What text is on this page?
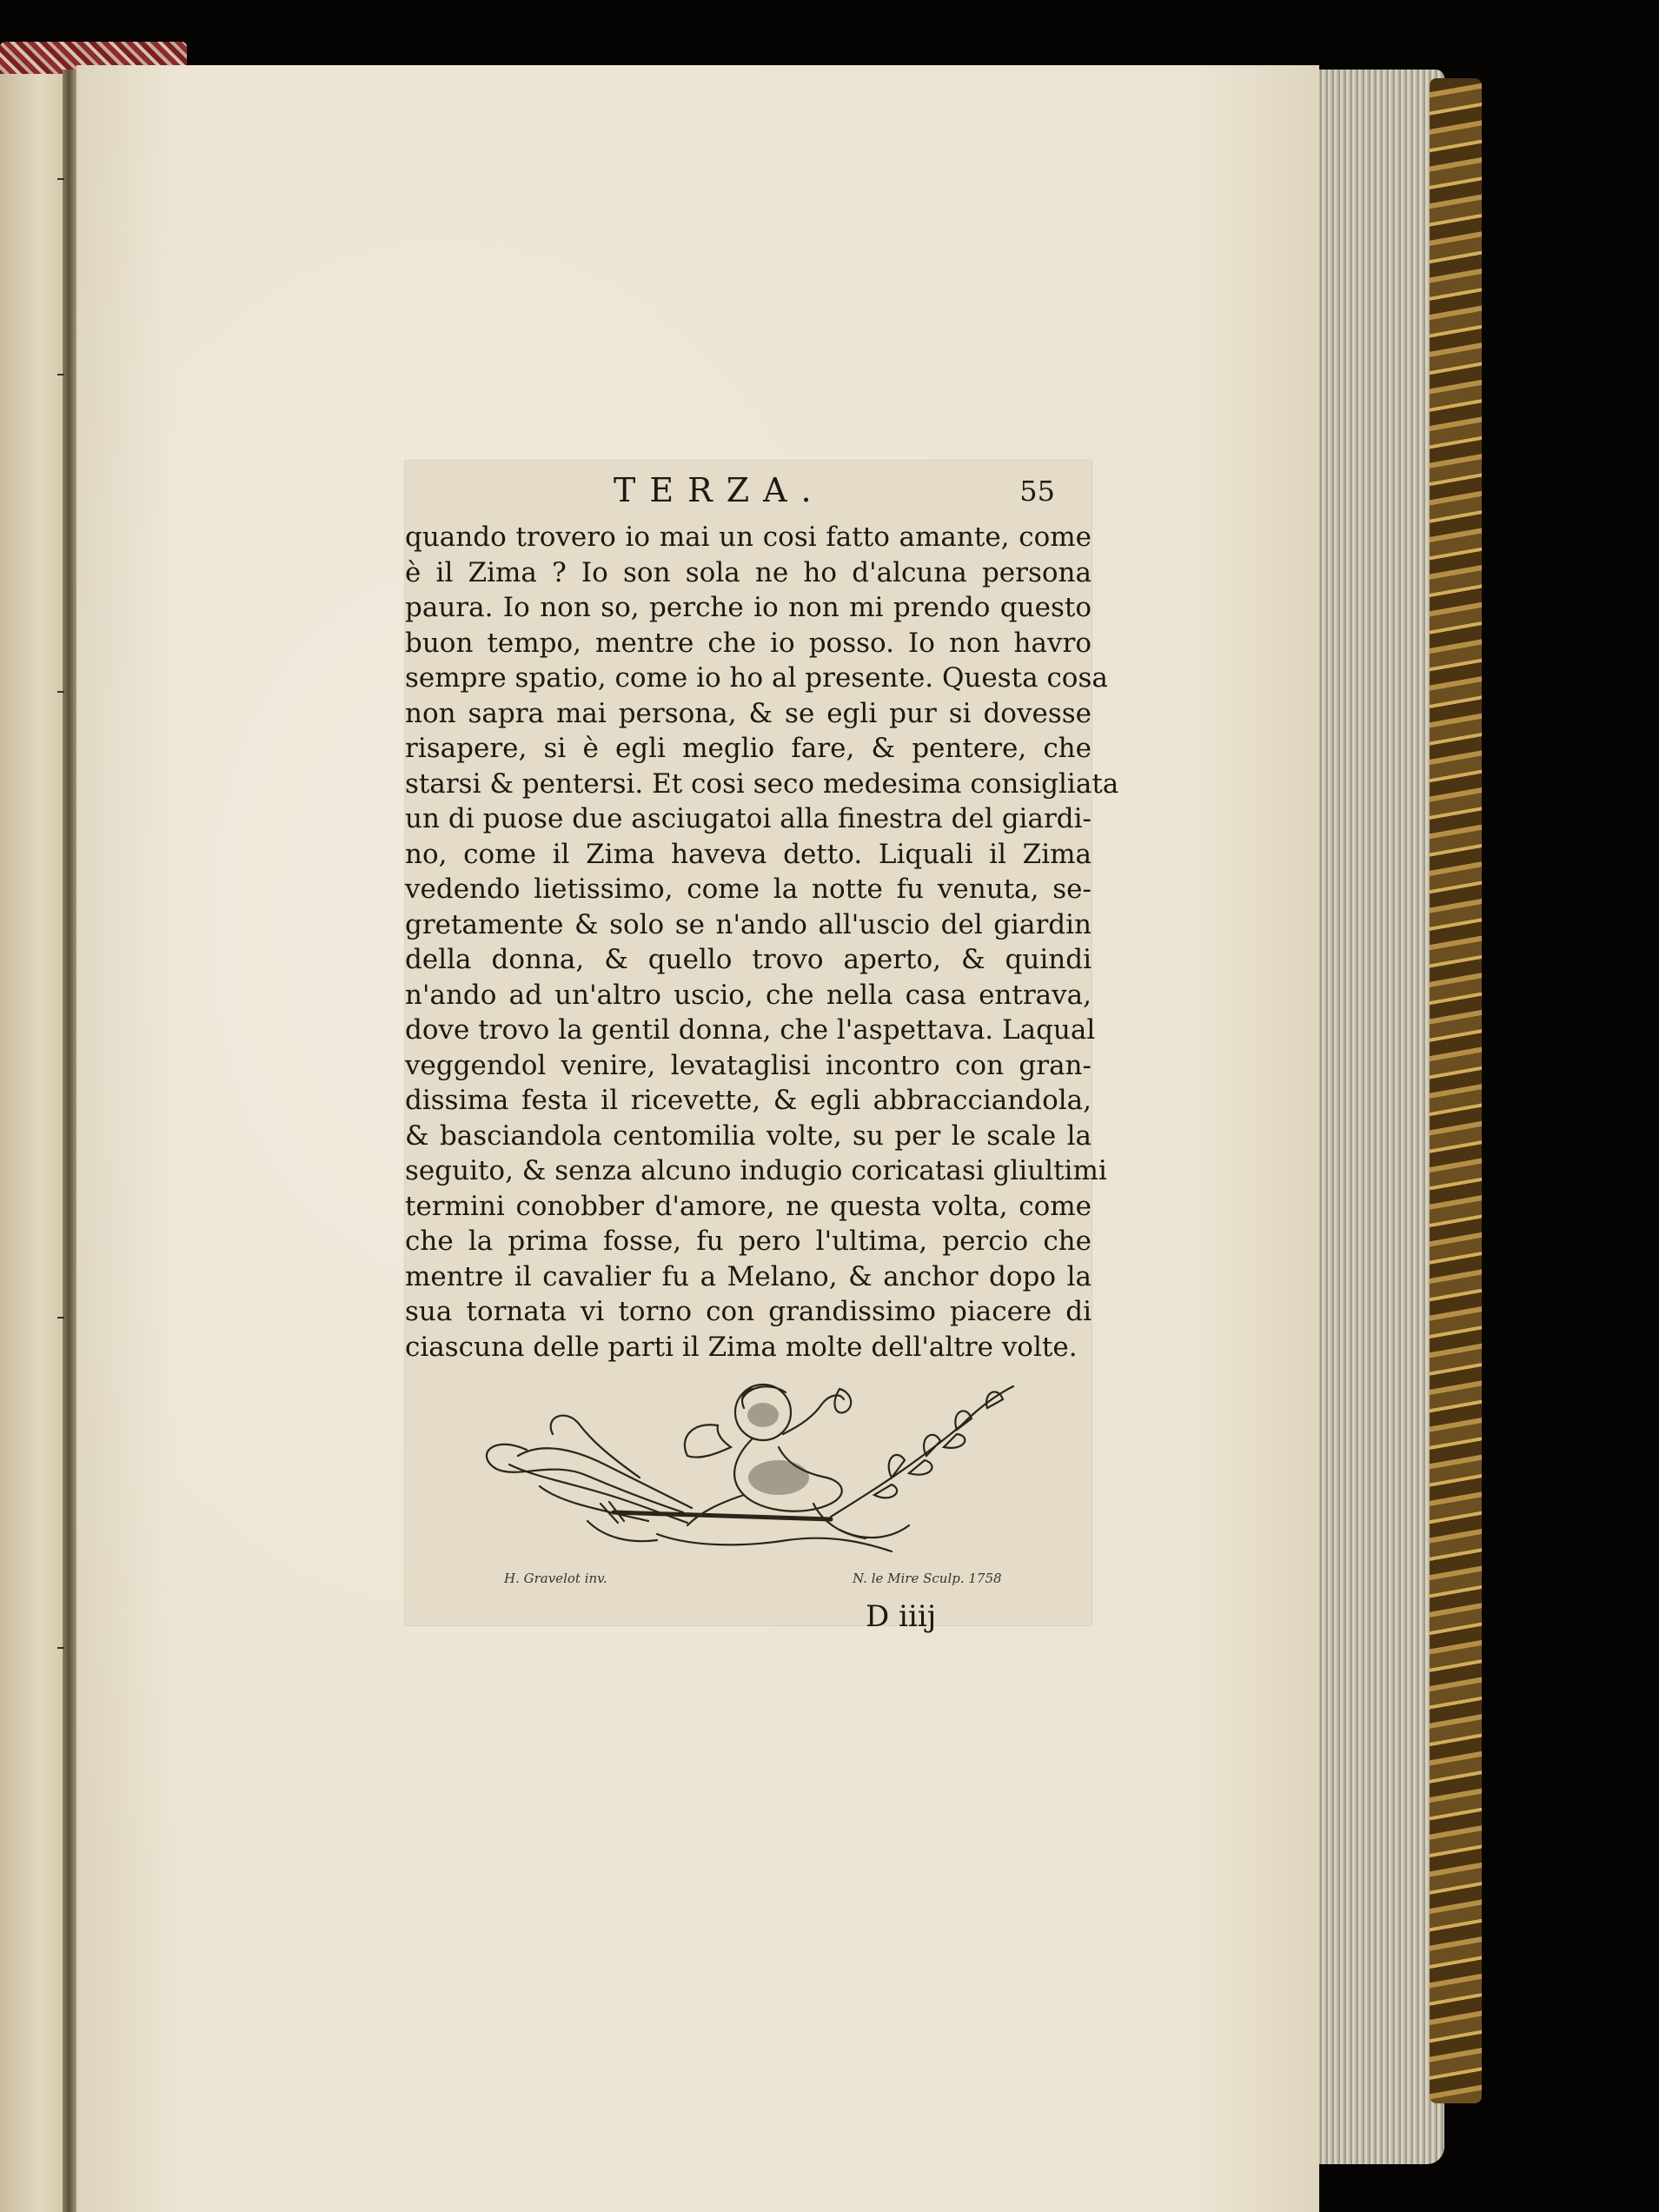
TERZA.	55
quando trovero io mai un cosi fatto amante, come
è il Zima ? Io son sola ne ho d'alcuna persona
paura. Io non so, perche io non mi prendo questo
buon tempo, mentre che io posso. Io non havro
sempre spatio, come io ho al presente. Questa cosa
non sapra mai persona, & se egli pur si dovesse
risapere, si è egli meglio fare, & pentere, che
starsi & pentersi. Et cosi seco medesima consigliata
un di puose due asciugatoi alla finestra del giardi-
no, come il Zima haveva detto. Liquali il Zima
vedendo lietissimo, come la notte fu venuta, se-
gretamente & solo se n'ando all'uscio del giardin
della donna, & quello trovo aperto, & quindi
n'ando ad un'altro uscio, che nella casa entrava,
dove trovo la gentil donna, che l'aspettava. Laqual
veggendol venire, levataglisi incontro con gran-
dissima festa il ricevette, & egli abbracciandola,
& basciandola centomilia volte, su per le scale la
seguito, & senza alcuno indugio coricatasi gliultimi
termini conobber d'amore, ne questa volta, come
che la prima fosse, fu pero l'ultima, percio che
mentre il cavalier fu a Melano, & anchor dopo la
sua tornata vi torno con grandissimo piacere di
ciascuna delle parti il Zima molte dell'altre volte.
H. Gravelot inv.	N. le Mire Sculp. 1758
D iiij
